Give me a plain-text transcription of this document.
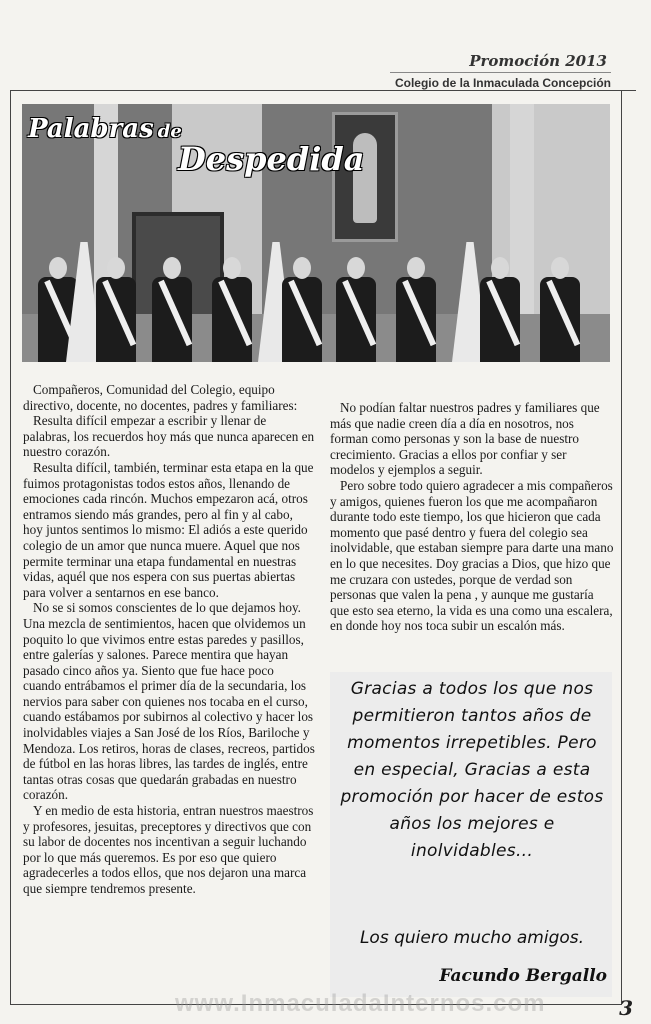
Promoción 2013
Colegio de la Inmaculada Concepción
Palabras de
Despedida

Compañeros, Comunidad del Colegio, equipo directivo, docente, no docentes, padres y familiares:

Resulta difícil empezar a escribir y llenar de palabras, los recuerdos hoy más que nunca aparecen en nuestro corazón.

Resulta difícil, también, terminar esta etapa en la que fuimos protagonistas todos estos años, llenando de emociones cada rincón. Muchos empezaron acá, otros entramos siendo más grandes, pero al fin y al cabo, hoy juntos sentimos lo mismo: El adiós a este querido colegio de un amor que nunca muere. Aquel que nos permite terminar una etapa fundamental en nuestras vidas, aquél que nos espera con sus puertas abiertas para volver a sentarnos en ese banco.

No se si somos conscientes de lo que dejamos hoy. Una mezcla de sentimientos, hacen que olvidemos un poquito lo que vivimos entre estas paredes y pasillos, entre galerías y salones. Parece mentira que hayan pasado cinco años ya. Siento que fue hace poco cuando entrábamos el primer día de la secundaria, los nervios para saber con quienes nos tocaba en el curso, cuando estábamos por subirnos al colectivo y hacer los inolvidables viajes a San José de los Ríos, Bariloche y Mendoza. Los retiros, horas de clases, recreos, partidos de fútbol en las horas libres, las tardes de inglés, entre tantas otras cosas que quedarán grabadas en nuestro corazón.

Y en medio de esta historia, entran nuestros maestros y profesores, jesuitas, preceptores y directivos que con su labor de docentes nos incentivan a seguir luchando por lo que más queremos. Es por eso que quiero agradecerles a todos ellos, que nos dejaron una marca que siempre tendremos presente.

No podían faltar nuestros padres y familiares que más que nadie creen día a día en nosotros, nos forman como personas y son la base de nuestro crecimiento. Gracias a ellos por confiar y ser modelos y ejemplos a seguir.

Pero sobre todo quiero agradecer a mis compañeros y amigos, quienes fueron los que me acompañaron durante todo este tiempo, los que hicieron que cada momento que pasé dentro y fuera del colegio sea inolvidable, que estaban siempre para darte una mano en lo que necesites. Doy gracias a Dios, que hizo que me cruzara con ustedes, porque de verdad son personas que valen la pena , y aunque me gustaría que esto sea eterno, la vida es una como una escalera, en donde hoy nos toca subir un escalón más.

Gracias a todos los que nos permitieron tantos años de momentos irrepetibles. Pero en especial, Gracias a esta promoción por hacer de estos años los mejores e inolvidables...
Los quiero mucho amigos.
Facundo Bergallo
www.InmaculadaInternos.com	3
